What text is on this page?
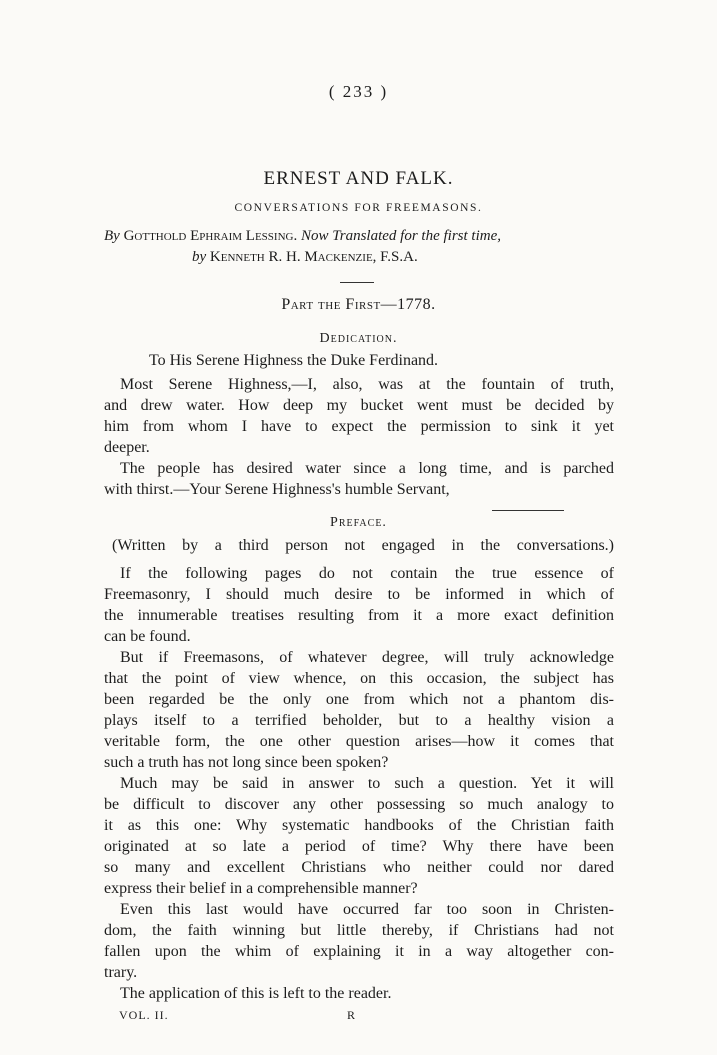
( 233 )
ERNEST AND FALK.
CONVERSATIONS FOR FREEMASONS.
By Gotthold Ephraim Lessing. Now Translated for the first time,
by Kenneth R. H. Mackenzie, F.S.A.
Part the First—1778.
Dedication.
To His Serene Highness the Duke Ferdinand.
Most Serene Highness,—I, also, was at the fountain of truth,
and drew water. How deep my bucket went must be decided by
him from whom I have to expect the permission to sink it yet
deeper.
The people has desired water since a long time, and is parched
with thirst.—Your Serene Highness's humble Servant,
Preface.
(Written by a third person not engaged in the conversations.)
If the following pages do not contain the true essence of
Freemasonry, I should much desire to be informed in which of
the innumerable treatises resulting from it a more exact definition
can be found.
But if Freemasons, of whatever degree, will truly acknowledge
that the point of view whence, on this occasion, the subject has
been regarded be the only one from which not a phantom dis-
plays itself to a terrified beholder, but to a healthy vision a
veritable form, the one other question arises—how it comes that
such a truth has not long since been spoken?
Much may be said in answer to such a question. Yet it will
be difficult to discover any other possessing so much analogy to
it as this one: Why systematic handbooks of the Christian faith
originated at so late a period of time? Why there have been
so many and excellent Christians who neither could nor dared
express their belief in a comprehensible manner?
Even this last would have occurred far too soon in Christen-
dom, the faith winning but little thereby, if Christians had not
fallen upon the whim of explaining it in a way altogether con-
trary.
The application of this is left to the reader.
VOL. II.	R
